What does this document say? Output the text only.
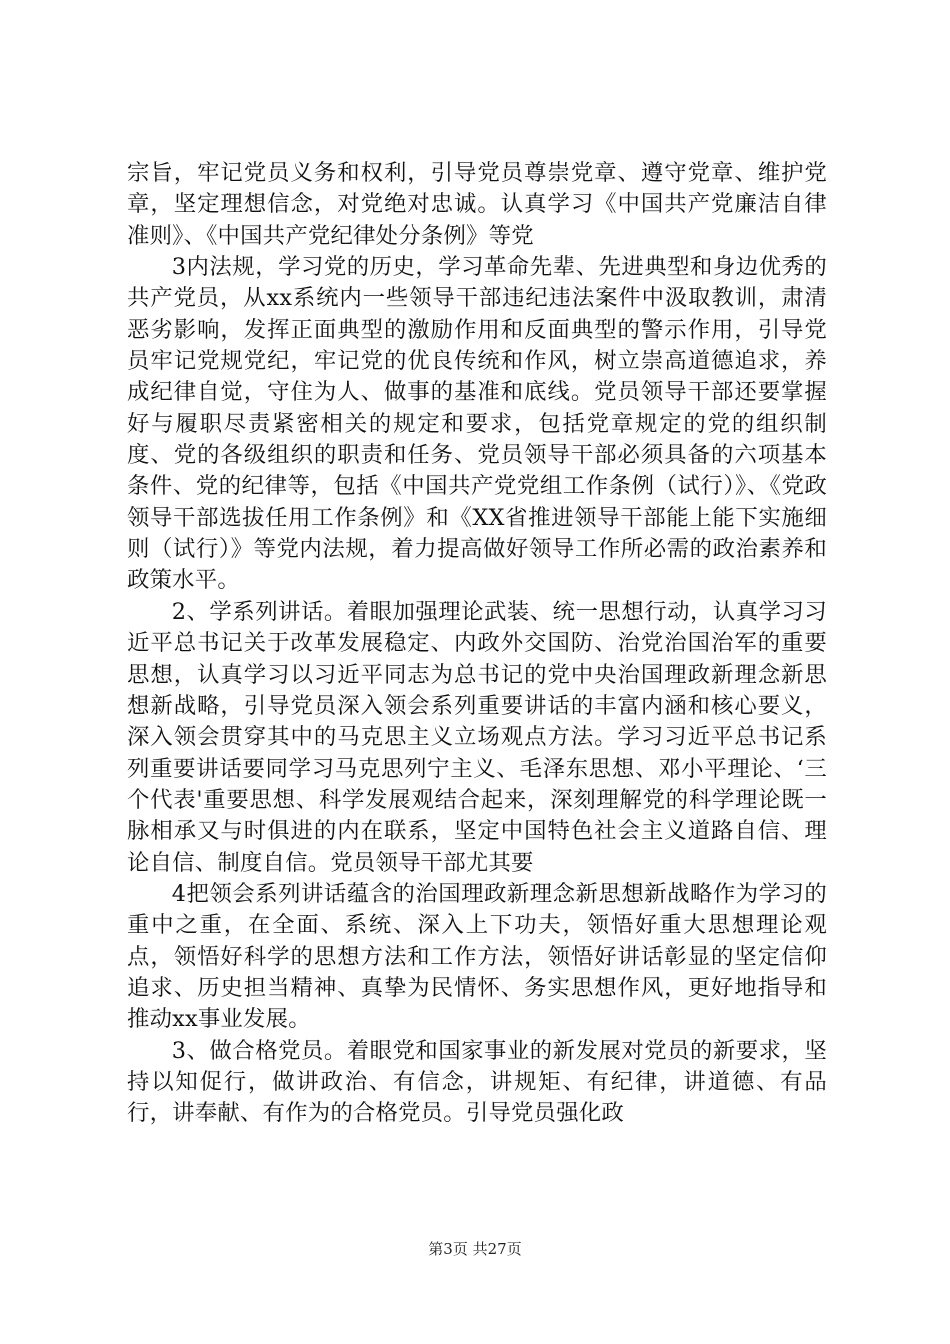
宗旨，牢记党员义务和权利，引导党员尊崇党章、遵守党章、维护党章，坚定理想信念，对党绝对忠诚。认真学习《中国共产党廉洁自律准则》、《中国共产党纪律处分条例》等党

3内法规，学习党的历史，学习革命先辈、先进典型和身边优秀的共产党员，从xx系统内一些领导干部违纪违法案件中汲取教训，肃清恶劣影响，发挥正面典型的激励作用和反面典型的警示作用，引导党员牢记党规党纪，牢记党的优良传统和作风，树立崇高道德追求，养成纪律自觉，守住为人、做事的基准和底线。党员领导干部还要掌握好与履职尽责紧密相关的规定和要求，包括党章规定的党的组织制度、党的各级组织的职责和任务、党员领导干部必须具备的六项基本条件、党的纪律等，包括《中国共产党党组工作条例（试行）》、《党政领导干部选拔任用工作条例》和《XX省推进领导干部能上能下实施细则（试行）》等党内法规，着力提高做好领导工作所必需的政治素养和政策水平。

2、学系列讲话。着眼加强理论武装、统一思想行动，认真学习习近平总书记关于改革发展稳定、内政外交国防、治党治国治军的重要思想，认真学习以习近平同志为总书记的党中央治国理政新理念新思想新战略，引导党员深入领会系列重要讲话的丰富内涵和核心要义，深入领会贯穿其中的马克思主义立场观点方法。学习习近平总书记系列重要讲话要同学习马克思列宁主义、毛泽东思想、邓小平理论、‘三个代表'重要思想、科学发展观结合起来，深刻理解党的科学理论既一脉相承又与时俱进的内在联系，坚定中国特色社会主义道路自信、理论自信、制度自信。党员领导干部尤其要

4把领会系列讲话蕴含的治国理政新理念新思想新战略作为学习的重中之重，在全面、系统、深入上下功夫，领悟好重大思想理论观点，领悟好科学的思想方法和工作方法，领悟好讲话彰显的坚定信仰追求、历史担当精神、真挚为民情怀、务实思想作风，更好地指导和推动xx事业发展。

3、做合格党员。着眼党和国家事业的新发展对党员的新要求，坚持以知促行，做讲政治、有信念，讲规矩、有纪律，讲道德、有品行，讲奉献、有作为的合格党员。引导党员强化政

第3页 共27页
